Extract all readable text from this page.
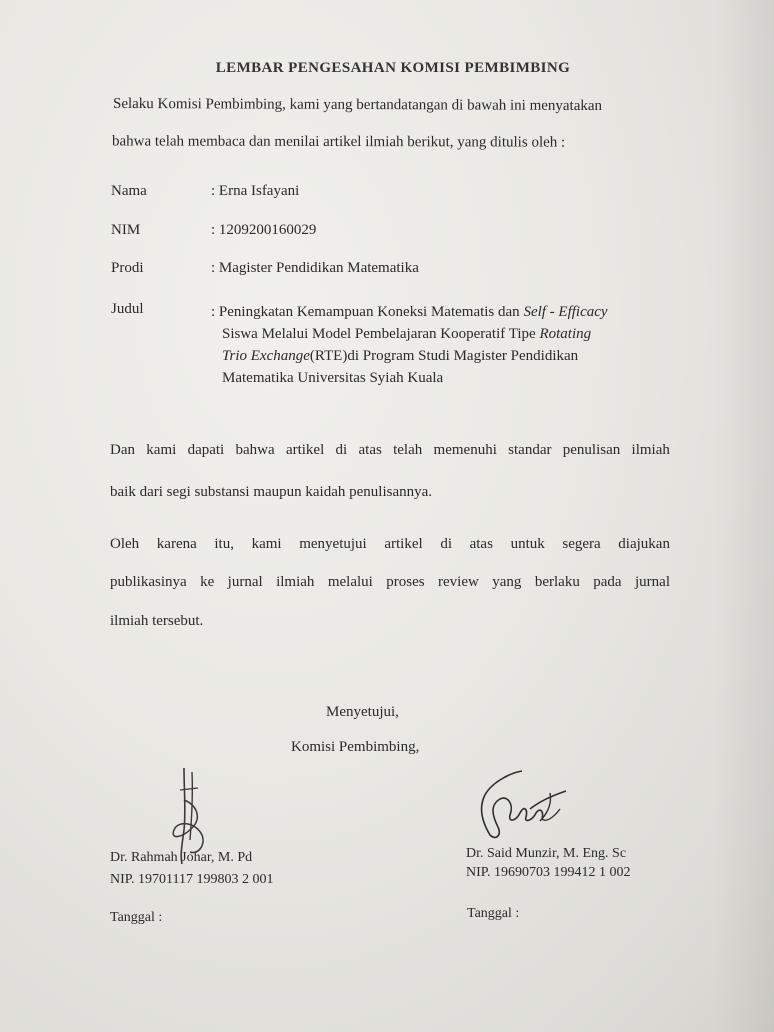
LEMBAR PENGESAHAN KOMISI PEMBIMBING
Selaku Komisi Pembimbing, kami yang bertandatangan di bawah ini menyatakan
bahwa telah membaca dan menilai artikel ilmiah berikut, yang ditulis oleh :
Nama	: Erna Isfayani
NIM	: 1209200160029
Prodi	: Magister Pendidikan Matematika
Judul	: Peningkatan Kemampuan Koneksi Matematis dan Self - Efficacy
Siswa Melalui Model Pembelajaran Kooperatif Tipe Rotating
Trio Exchange(RTE)di Program Studi Magister Pendidikan
Matematika Universitas Syiah Kuala
Dan kami dapati bahwa artikel di atas telah memenuhi standar penulisan ilmiah
baik dari segi substansi maupun kaidah penulisannya.
Oleh karena itu, kami menyetujui artikel di atas untuk segera diajukan
publikasinya ke jurnal ilmiah melalui proses review yang berlaku pada jurnal
ilmiah tersebut.
Menyetujui,
Komisi Pembimbing,
Dr. Rahmah Johar, M. Pd
NIP. 19701117 199803 2 001
Tanggal :
Dr. Said Munzir, M. Eng. Sc
NIP. 19690703 199412 1 002
Tanggal :
